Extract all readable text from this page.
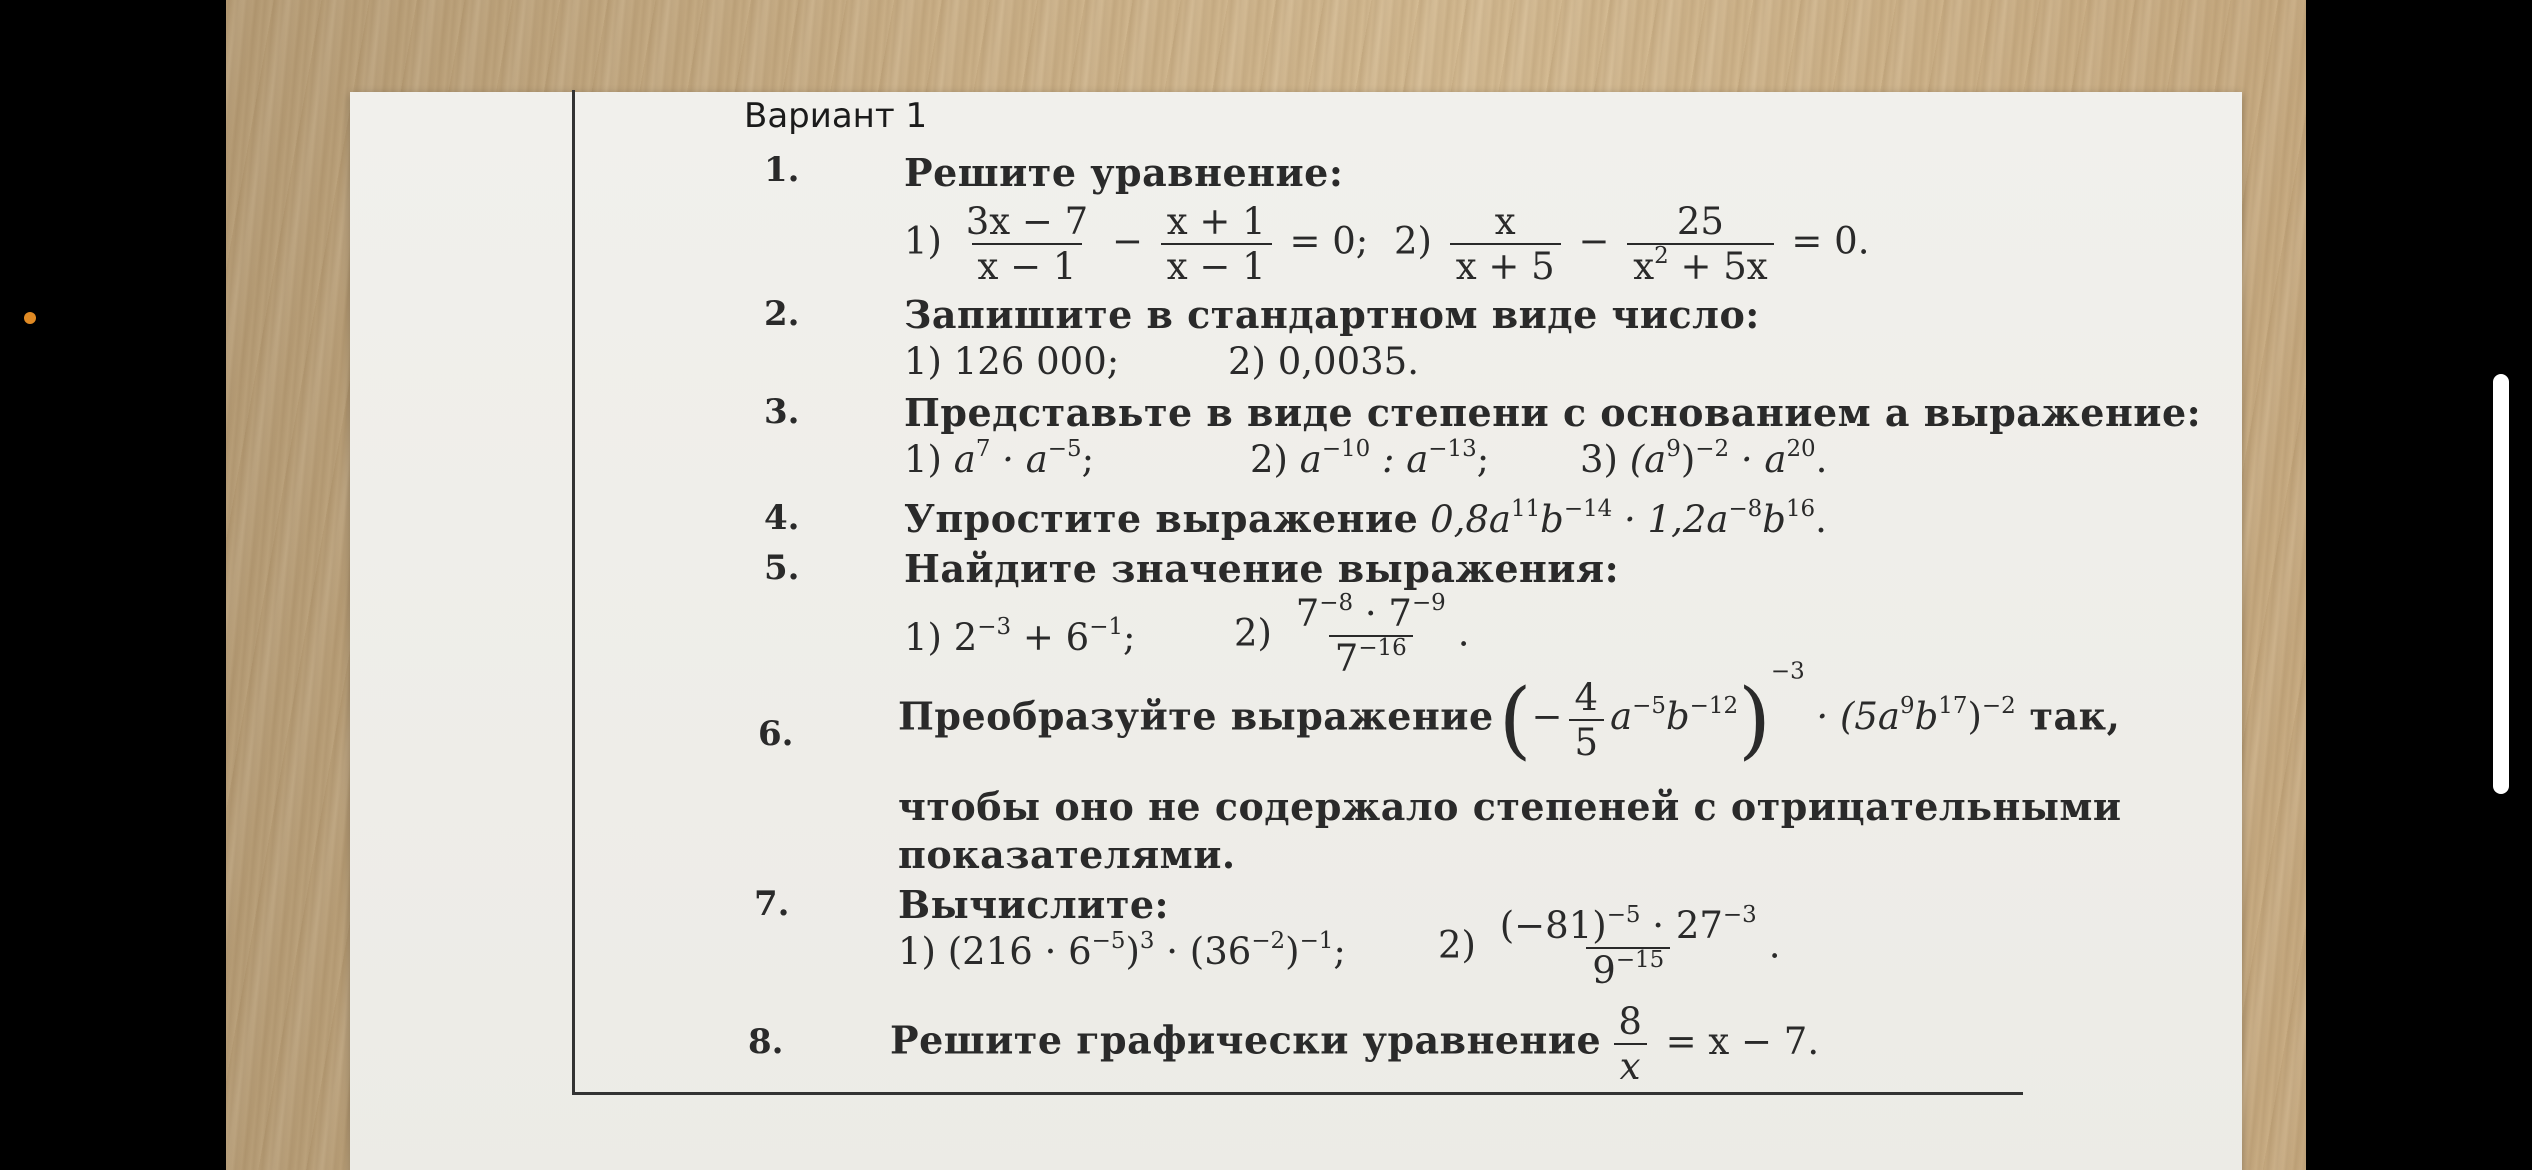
Вариант 1
1.	Решите уравнение:
$1) \frac{3x - 7}{x - 1} - \frac{x + 1}{x - 1} = 0$; $2) \frac{x}{x + 5} - \frac{25}{x^2 + 5x} = 0$.
2.	Запишите в стандартном виде число:
1) 126 000;	2) 0,0035.
3.	Представьте в виде степени с основанием a выражение:
1) $a^7 \cdot a^{-5}$;	2) $a^{-10}$ : $a^{-13}$; 3) $(a^9)^{-2} \cdot a^{20}$.
4.	Упростите выражение $0,8a^{11}b^{-14} \cdot 1,2a^{-8}b^{16}$.
5.	Найдите значение выражения:
1) $2^{-3} + 6^{-1}$;	$2) \frac{7^{-8} \cdot 7^{-9}}{7^{-16}}$ .
6.	Преобразуйте выражение (− $\frac{4}{5} a^{-5}b^{-12})^{-3} \cdot (5a^9b^{17})^{-2}$ так,
чтобы оно не содержало степеней с отрицательными
показателями.
7.	Вычислите:
1) $(216 \cdot 6^{-5})^3 \cdot (36^{-2})^{-1}$; $2) \frac{(-81)^{-5} \cdot 27^{-3}}{9^{-15}}$ .
8.	Решите графически уравнение $\frac{8}{x} = x - 7$.
